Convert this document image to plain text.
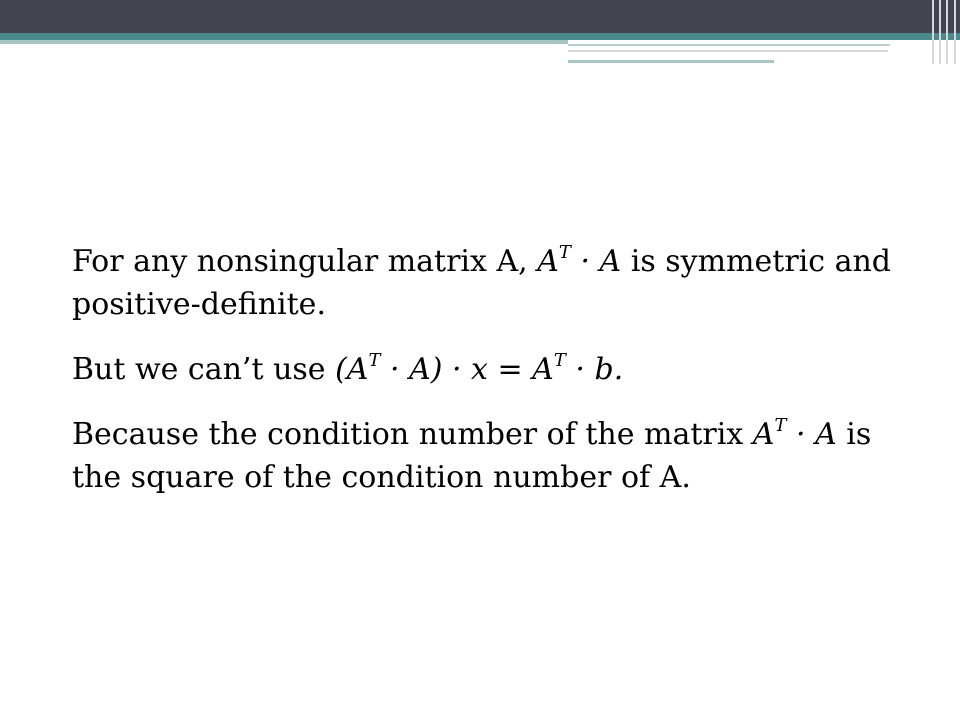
For any nonsingular matrix A, $A^T \cdot A$ is symmetric and positive-definite.

But we can’t use $(A^T \cdot A) \cdot x = A^T \cdot b$.

Because the condition number of the matrix $A^T \cdot A$ is the square of the condition number of A.
